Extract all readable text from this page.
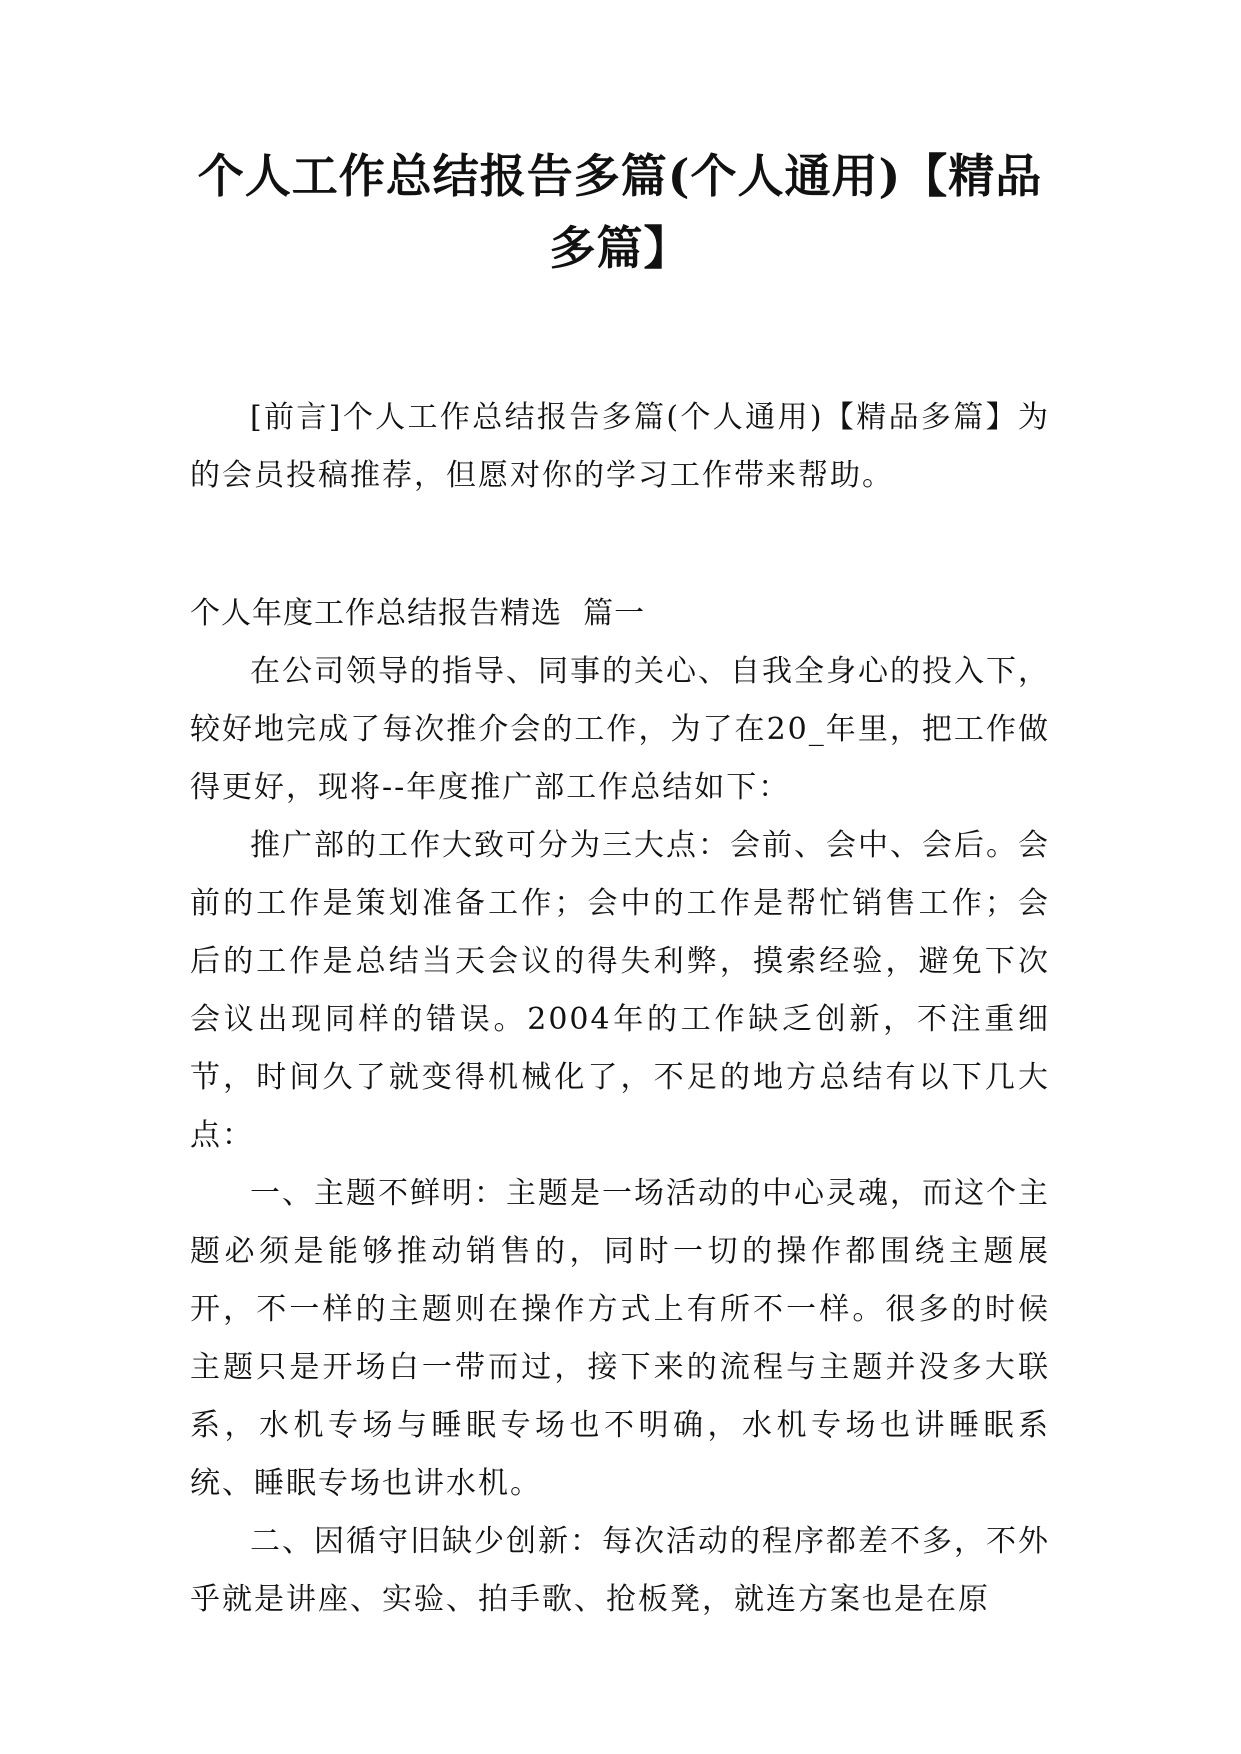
个人工作总结报告多篇(个人通用)【精品多篇】

[前言]个人工作总结报告多篇(个人通用)【精品多篇】为的会员投稿推荐，但愿对你的学习工作带来帮助。

个人年度工作总结报告精选  篇一

在公司领导的指导、同事的关心、自我全身心的投入下，较好地完成了每次推介会的工作，为了在20_年里，把工作做得更好，现将--年度推广部工作总结如下：

推广部的工作大致可分为三大点：会前、会中、会后。会前的工作是策划准备工作；会中的工作是帮忙销售工作；会后的工作是总结当天会议的得失利弊，摸索经验，避免下次会议出现同样的错误。2004年的工作缺乏创新，不注重细节，时间久了就变得机械化了，不足的地方总结有以下几大点：

一、主题不鲜明：主题是一场活动的中心灵魂，而这个主题必须是能够推动销售的，同时一切的操作都围绕主题展开，不一样的主题则在操作方式上有所不一样。很多的时候主题只是开场白一带而过，接下来的流程与主题并没多大联系，水机专场与睡眠专场也不明确，水机专场也讲睡眠系统、睡眠专场也讲水机。

二、因循守旧缺少创新：每次活动的程序都差不多，不外乎就是讲座、实验、拍手歌、抢板凳，就连方案也是在原
